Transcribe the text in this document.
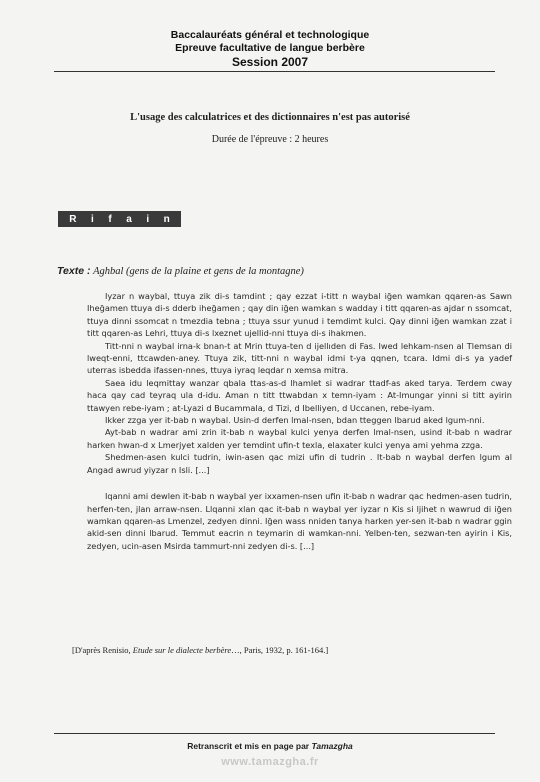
Baccalauréats général et technologique
Epreuve facultative de langue berbère
Session 2007
L'usage des calculatrices et des dictionnaires n'est pas autorisé
Durée de l'épreuve : 2 heures
R i f a i n
Texte : Aghbal (gens de la plaine et gens de la montagne)

Iyzar n waybal, ttuya zik di-s tamdint ; qay ezzat i-titt n waybal iḡen wamkan qqaren-as Sawn Iheḡamen ttuya di-s dderb iheḡamen ; qay din iḡen wamkan s wadday i titt qqaren-as ajdar n ssomcat, ttuya dinni ssomcat n tmezdia tebna ; ttuya ssur yunud i temdimt kulci. Qay dinni iḡen wamkan zzat i titt qqaren-as Lehri, ttuya di-s lxeznet ujellid-nni ttuya di-s ihakmen.

Titt-nni n waybal irna-k bnan-t at Mrin ttuya-ten d ijellıden di Fas. Iwed lehkam-nsen al Tlemsan di lweqt-enni, ttcawden-aney. Ttuya zik, titt-nni n waybal idmi t-ya qqnen, tcara. Idmi di-s ya yadef uterras isbedda ifassen-nnes, ttuya iyraq leqdar n xemsa mitra.

Saea idu leqmittay wanzar qbala ttas-as-d lhamlet si wadrar ttadf-as aked tarya. Terdem cway haca qay cad teyraq ula d-idu. Aman n titt ttwabdan x temn-iyam : At-Imungar yinni si titt ayirin ttawyen rebe-iyam ; at-Lyazi d Bucammala, d Tizi, d Ibelliyen, d Uccanen, rebe-iyam.

Ikker zzga yer it-bab n waybal. Usin-d derfen lmal-nsen, bdan tteggen lbarud aked lgum-nni.

Ayt-bab n wadrar ami zrin it-bab n waybal kulci yenya derfen lmal-nsen, usind it-bab n wadrar harken hwan-d x Lmerjyet xalden yer temdint ufin-t texla, elaxater kulci yenya ami yehma zzga.

Shedmen-asen kulci tudrin, iwin-asen qac mizi ufin di tudrin . It-bab n waybal derfen lgum al Angad awrud yiyzar n Isli. [...]

Iqanni ami dewlen it-bab n waybal yer ixxamen-nsen ufin it-bab n wadrar qac hedmen-asen tudrin, herfen-ten, jlan arraw-nsen. Llqanni xlan qac it-bab n waybal yer iyzar n Kis si ljihet n wawrud di iḡen wamkan qqaren-as Lmenzel, zedyen dinni. Iḡen wass nniden tanya harken yer-sen it-bab n wadrar ggin akid-sen dinni lbarud. Temmut eacrin n teymarin di wamkan-nni. Yelben-ten, sezwan-ten ayirin i Kis, zedyen, ucin-asen Msirda tammurt-nni zedyen di-s. [...]

[D'après Renisio, Etude sur le dialecte berbère…, Paris, 1932, p. 161-164.]
Retranscrit et mis en page par Tamazgha
www.tamazgha.fr
